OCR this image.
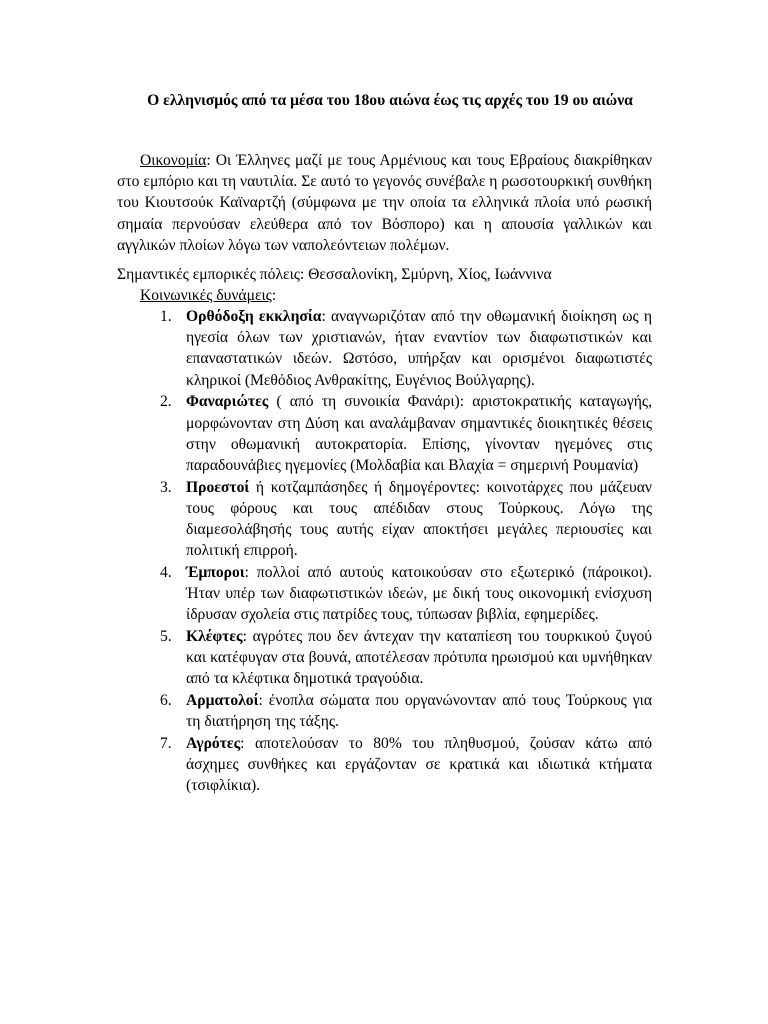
Ο ελληνισμός από τα μέσα του 18ου αιώνα έως τις αρχές του 19 ου αιώνα

Οικονομία: Οι Έλληνες μαζί με τους Αρμένιους και τους Εβραίους διακρίθηκαν στο εμπόριο και τη ναυτιλία. Σε αυτό το γεγονός συνέβαλε η ρωσοτουρκική συνθήκη του Κιουτσούκ Καϊναρτζή (σύμφωνα με την οποία τα ελληνικά πλοία υπό ρωσική σημαία περνούσαν ελεύθερα από τον Βόσπορο) και η απουσία γαλλικών και αγγλικών πλοίων λόγω των ναπολεόντειων πολέμων.

Σημαντικές εμπορικές πόλεις: Θεσσαλονίκη, Σμύρνη, Χίος, Ιωάννινα
Κοινωνικές δυνάμεις:
1. Ορθόδοξη εκκλησία: αναγνωριζόταν από την οθωμανική διοίκηση ως η ηγεσία όλων των χριστιανών, ήταν εναντίον των διαφωτιστικών και επαναστατικών ιδεών. Ωστόσο, υπήρξαν και ορισμένοι διαφωτιστές κληρικοί (Μεθόδιος Ανθρακίτης, Ευγένιος Βούλγαρης).
2. Φαναριώτες ( από τη συνοικία Φανάρι): αριστοκρατικής καταγωγής, μορφώνονταν στη Δύση και αναλάμβαναν σημαντικές διοικητικές θέσεις στην οθωμανική αυτοκρατορία. Επίσης, γίνονταν ηγεμόνες στις παραδουνάβιες ηγεμονίες (Μολδαβία και Βλαχία = σημερινή Ρουμανία)
3. Προεστοί ή κοτζαμπάσηδες ή δημογέροντες: κοινοτάρχες που μάζευαν τους φόρους και τους απέδιδαν στους Τούρκους. Λόγω της διαμεσολάβησής τους αυτής είχαν αποκτήσει μεγάλες περιουσίες και πολιτική επιρροή.
4. Έμποροι: πολλοί από αυτούς κατοικούσαν στο εξωτερικό (πάροικοι). Ήταν υπέρ των διαφωτιστικών ιδεών, με δική τους οικονομική ενίσχυση ίδρυσαν σχολεία στις πατρίδες τους, τύπωσαν βιβλία, εφημερίδες.
5. Κλέφτες: αγρότες που δεν άντεχαν την καταπίεση του τουρκικού ζυγού και κατέφυγαν στα βουνά, αποτέλεσαν πρότυπα ηρωισμού και υμνήθηκαν από τα κλέφτικα δημοτικά τραγούδια.
6. Αρματολοί: ένοπλα σώματα που οργανώνονταν από τους Τούρκους για τη διατήρηση της τάξης.
7. Αγρότες: αποτελούσαν το 80% του πληθυσμού, ζούσαν κάτω από άσχημες συνθήκες και εργάζονταν σε κρατικά και ιδιωτικά κτήματα (τσιφλίκια).
